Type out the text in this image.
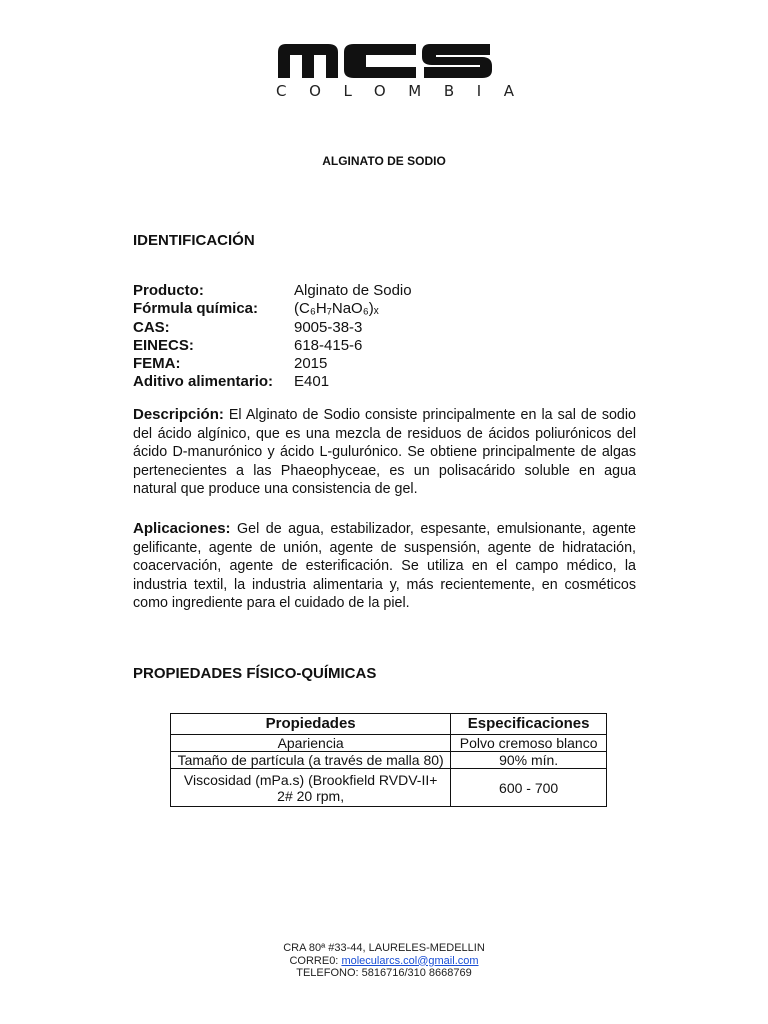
COLOMBIA
ALGINATO DE SODIO
IDENTIFICACIÓN
Producto:	Alginato de Sodio
Fórmula química:	(C₆H₇NaO₆)ₓ
CAS:	9005-38-3
EINECS:	618-415-6
FEMA:	2015
Aditivo alimentario:	E401
Descripción: El Alginato de Sodio consiste principalmente en la sal de sodio del ácido algínico, que es una mezcla de residuos de ácidos poliurónicos del ácido D-manurónico y ácido L-gulurónico. Se obtiene principalmente de algas pertenecientes a las Phaeophyceae, es un polisacárido soluble en agua natural que produce una consistencia de gel.
Aplicaciones: Gel de agua, estabilizador, espesante, emulsionante, agente gelificante, agente de unión, agente de suspensión, agente de hidratación, coacervación, agente de esterificación. Se utiliza en el campo médico, la industria textil, la industria alimentaria y, más recientemente, en cosméticos como ingrediente para el cuidado de la piel.
PROPIEDADES FÍSICO-QUÍMICAS
Propiedades	Especificaciones
Apariencia	Polvo cremoso blanco
Tamaño de partícula (a través de malla 80)	90% mín.
Viscosidad (mPa.s) (Brookfield RVDV-II+ 2# 20 rpm,	600 - 700
CRA 80ª #33-44, LAURELES-MEDELLIN
CORRE0: molecularcs.col@gmail.com
TELEFONO: 5816716/310 8668769
